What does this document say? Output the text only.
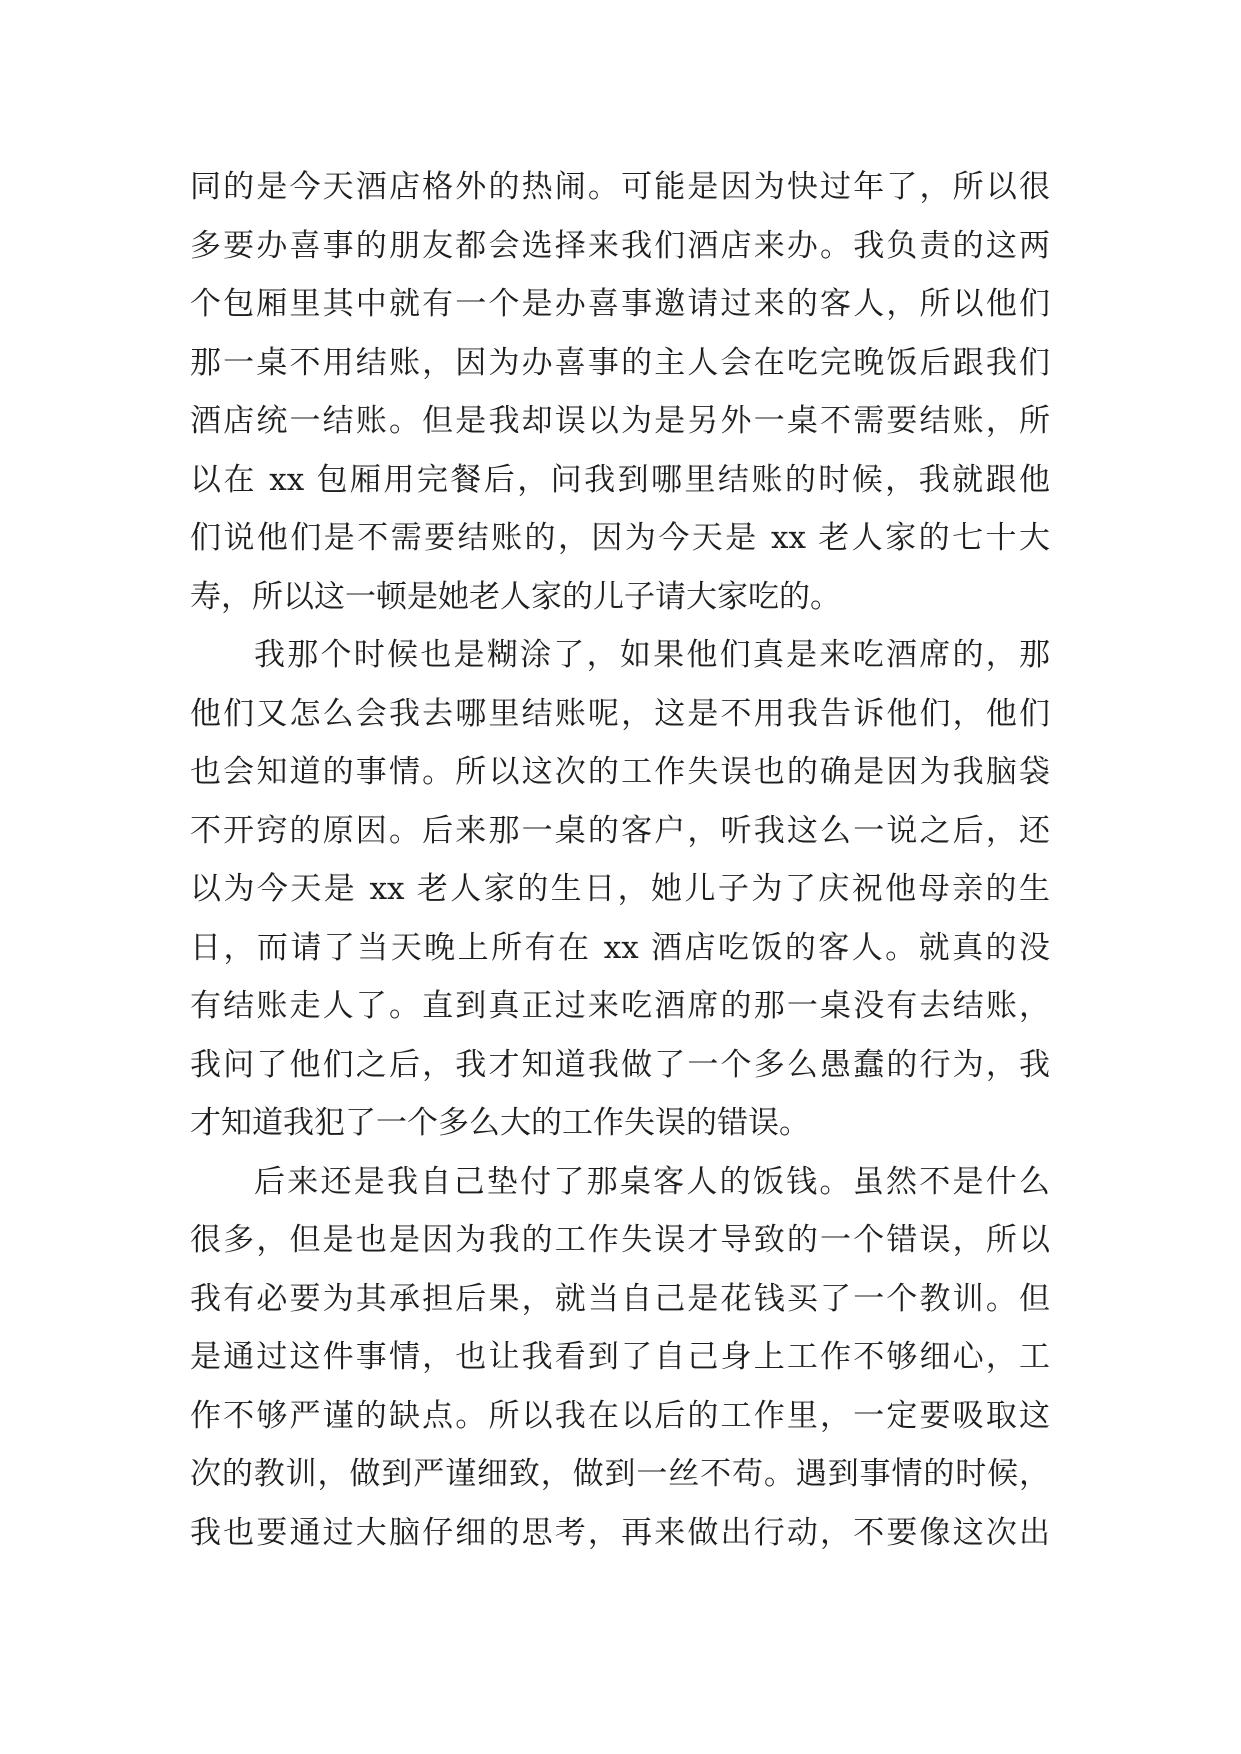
同的是今天酒店格外的热闹。可能是因为快过年了，所以很
多要办喜事的朋友都会选择来我们酒店来办。我负责的这两
个包厢里其中就有一个是办喜事邀请过来的客人，所以他们
那一桌不用结账，因为办喜事的主人会在吃完晚饭后跟我们
酒店统一结账。但是我却误以为是另外一桌不需要结账，所
以在 xx 包厢用完餐后，问我到哪里结账的时候，我就跟他
们说他们是不需要结账的，因为今天是 xx 老人家的七十大
寿，所以这一顿是她老人家的儿子请大家吃的。
我那个时候也是糊涂了，如果他们真是来吃酒席的，那
他们又怎么会我去哪里结账呢，这是不用我告诉他们，他们
也会知道的事情。所以这次的工作失误也的确是因为我脑袋
不开窍的原因。后来那一桌的客户，听我这么一说之后，还
以为今天是 xx 老人家的生日，她儿子为了庆祝他母亲的生
日，而请了当天晚上所有在 xx 酒店吃饭的客人。就真的没
有结账走人了。直到真正过来吃酒席的那一桌没有去结账，
我问了他们之后，我才知道我做了一个多么愚蠢的行为，我
才知道我犯了一个多么大的工作失误的错误。
后来还是我自己垫付了那桌客人的饭钱。虽然不是什么
很多，但是也是因为我的工作失误才导致的一个错误，所以
我有必要为其承担后果，就当自己是花钱买了一个教训。但
是通过这件事情，也让我看到了自己身上工作不够细心，工
作不够严谨的缺点。所以我在以后的工作里，一定要吸取这
次的教训，做到严谨细致，做到一丝不苟。遇到事情的时候，
我也要通过大脑仔细的思考，再来做出行动，不要像这次出
